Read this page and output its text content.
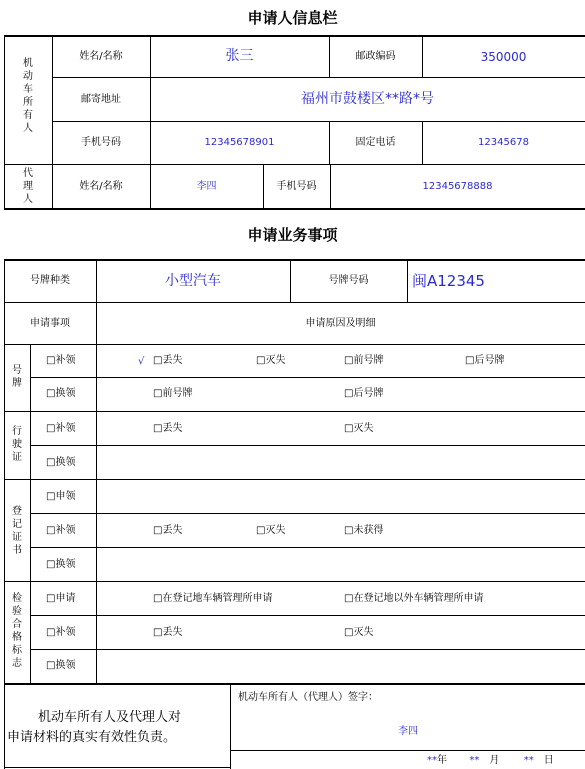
申请人信息栏
机
动
车
所
有
人
代
理
人
姓名/名称	张三	邮政编码	350000
邮寄地址	福州市鼓楼区**路*号
手机号码	12345678901	固定电话	12345678
姓名/名称	李四	手机号码	12345678888
申请业务事项
号牌种类	小型汽车	号牌号码	闽A12345
申请事项	申请原因及明细
号
牌
□补领	√ □丢失	□灭失	□前号牌	□后号牌
□换领	□前号牌	□后号牌
行
驶
证
□补领	□丢失	□灭失
□换领
登
记
证
书
□申领
□补领	□丢失	□灭失	□未获得
□换领
检
验
合
格
标
志
□申请	□在登记地车辆管理所申请	□在登记地以外车辆管理所申请
□补领	□丢失	□灭失
□换领
机动车所有人及代理人对
申请材料的真实有效性负责。
机动车所有人（代理人）签字：
李四
**年 ** 月 ** 日
